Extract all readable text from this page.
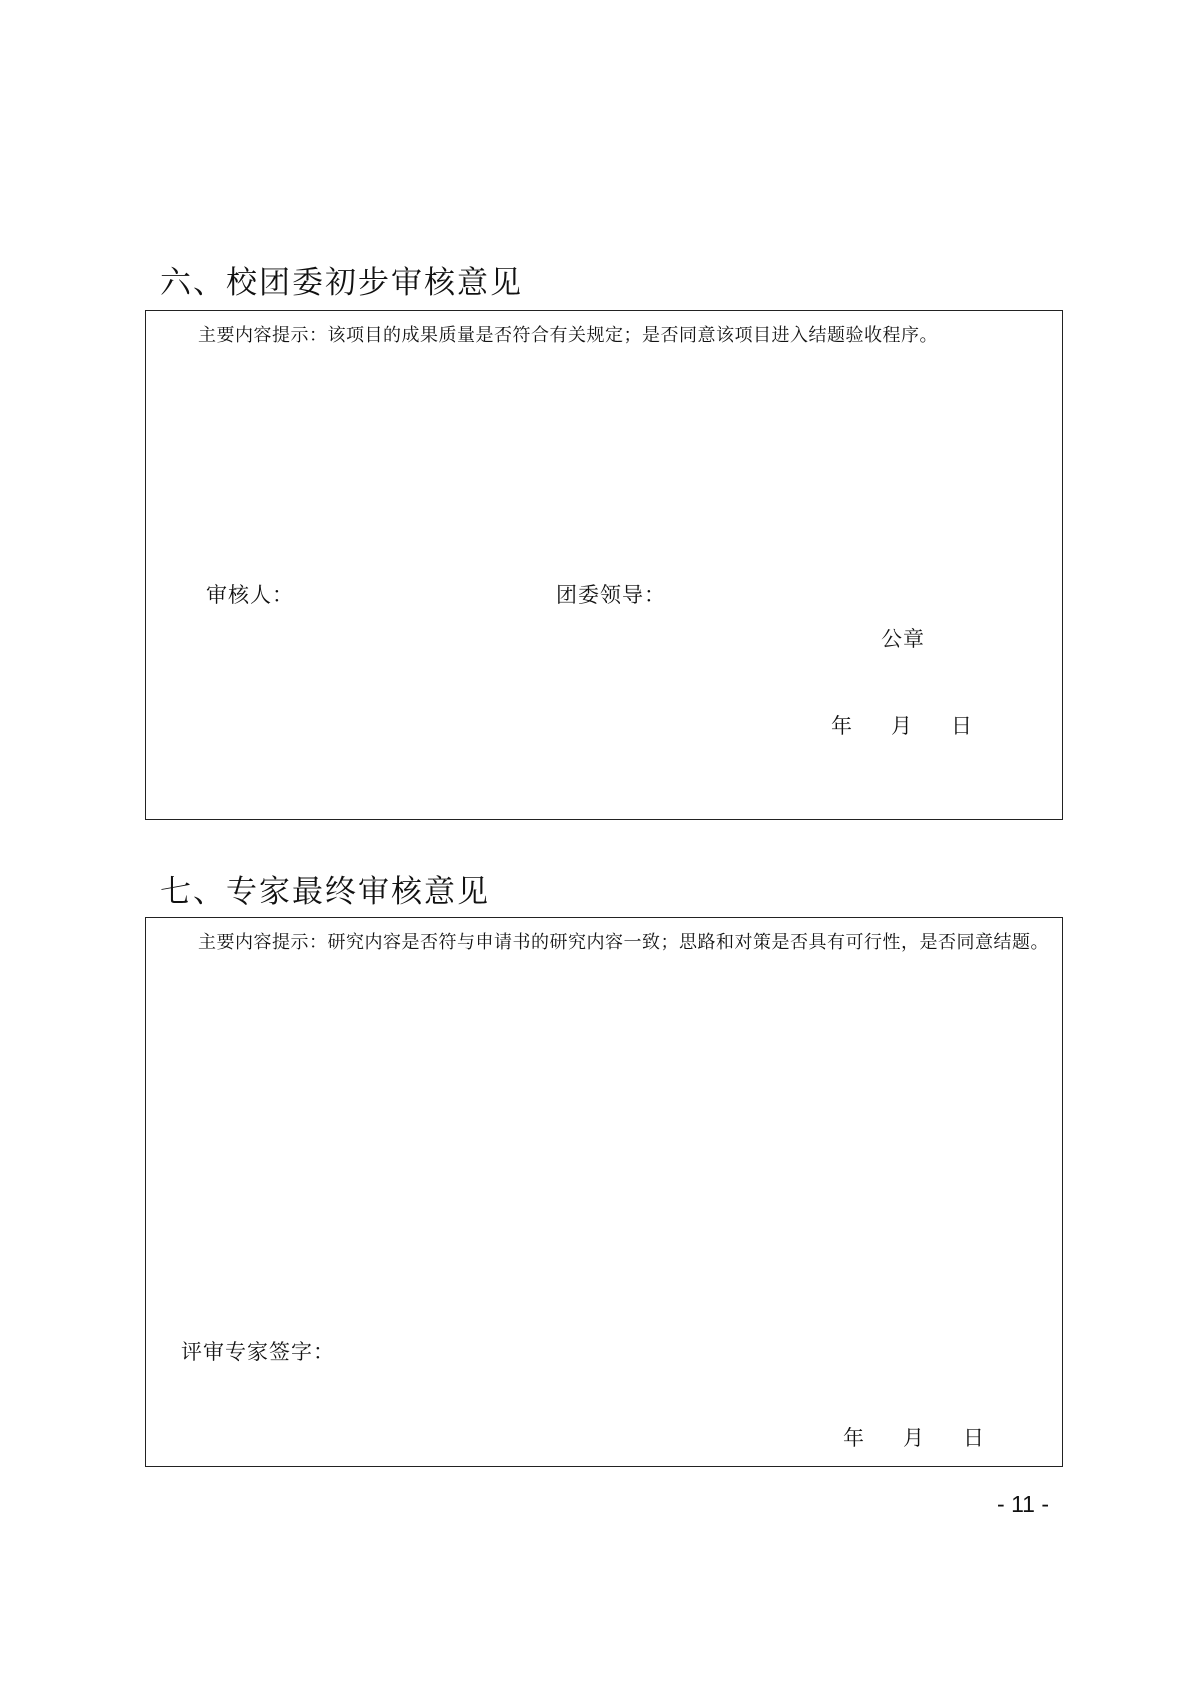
六、校团委初步审核意见

主要内容提示：该项目的成果质量是否符合有关规定；是否同意该项目进入结题验收程序。

审核人：	团委领导：
公章
年 月 日
七、专家最终审核意见

主要内容提示：研究内容是否符与申请书的研究内容一致；思路和对策是否具有可行性，是否同意结题。

评审专家签字：
年 月 日
- 11 -
